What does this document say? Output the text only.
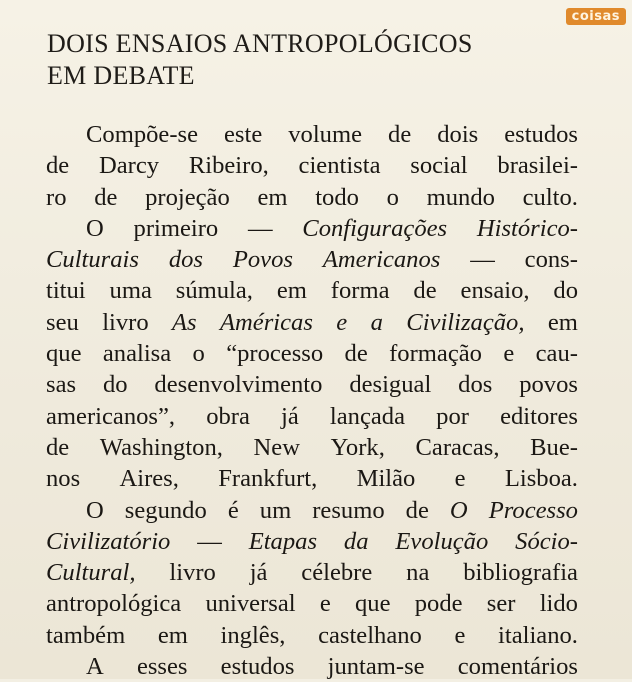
coisas
DOIS ENSAIOS ANTROPOLÓGICOS
EM DEBATE
Compõe-se este volume de dois estudos
de Darcy Ribeiro, cientista social brasilei-
ro de projeção em todo o mundo culto.
O primeiro — Configurações Histórico-
Culturais dos Povos Americanos — cons-
titui uma súmula, em forma de ensaio, do
seu livro As Américas e a Civilização, em
que analisa o “processo de formação e cau-
sas do desenvolvimento desigual dos povos
americanos”, obra já lançada por editores
de Washington, New York, Caracas, Bue-
nos Aires, Frankfurt, Milão e Lisboa.
O segundo é um resumo de O Processo
Civilizatório — Etapas da Evolução Sócio-
Cultural, livro já célebre na bibliografia
antropológica universal e que pode ser lido
também em inglês, castelhano e italiano.
A esses estudos juntam-se comentários
